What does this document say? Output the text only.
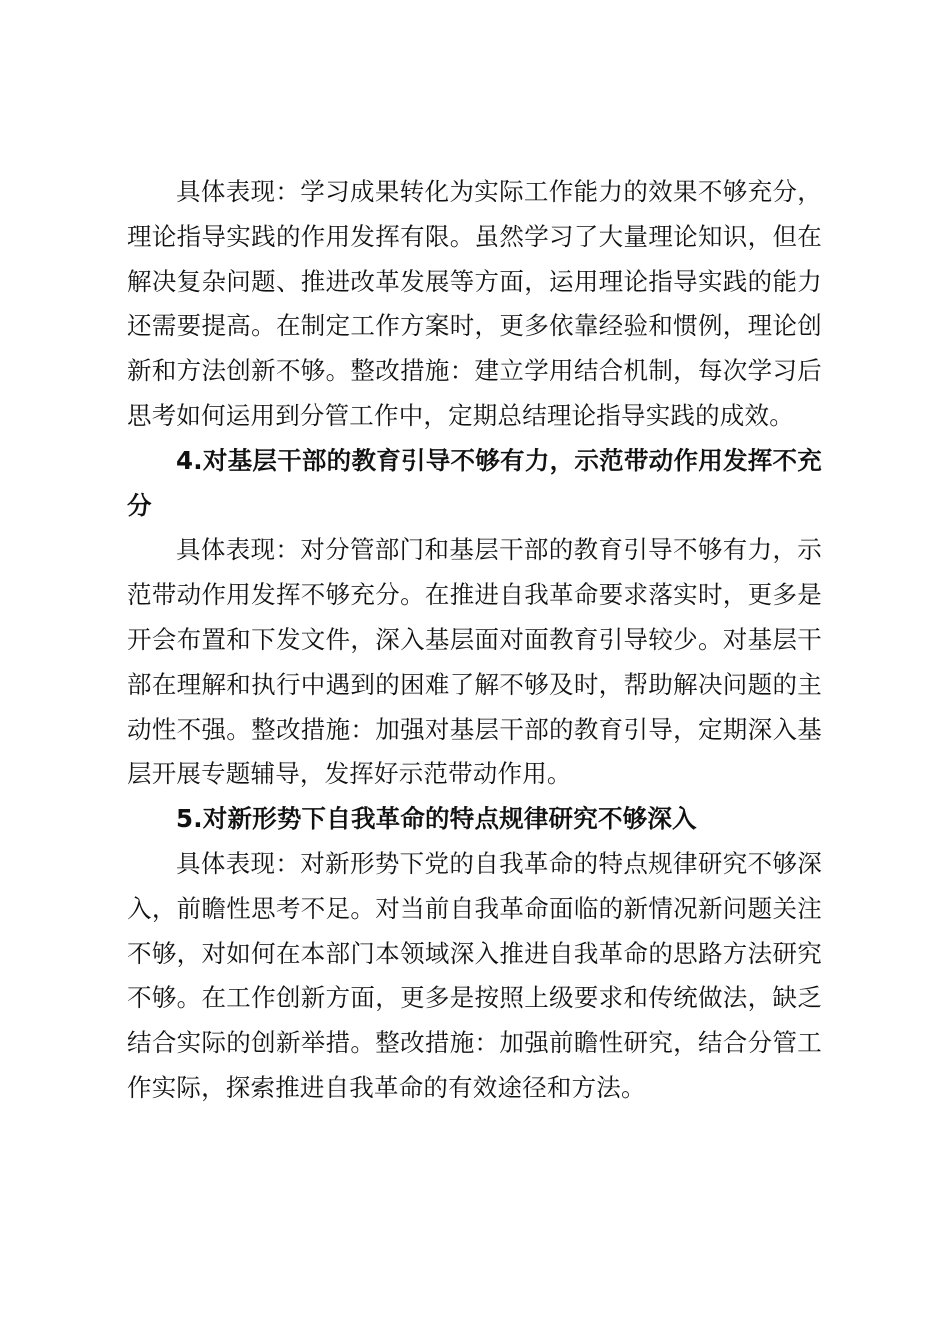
具体表现：学习成果转化为实际工作能力的效果不够充分，理论指导实践的作用发挥有限。虽然学习了大量理论知识，但在解决复杂问题、推进改革发展等方面，运用理论指导实践的能力还需要提高。在制定工作方案时，更多依靠经验和惯例，理论创新和方法创新不够。整改措施：建立学用结合机制，每次学习后思考如何运用到分管工作中，定期总结理论指导实践的成效。

4.对基层干部的教育引导不够有力，示范带动作用发挥不充分

具体表现：对分管部门和基层干部的教育引导不够有力，示范带动作用发挥不够充分。在推进自我革命要求落实时，更多是开会布置和下发文件，深入基层面对面教育引导较少。对基层干部在理解和执行中遇到的困难了解不够及时，帮助解决问题的主动性不强。整改措施：加强对基层干部的教育引导，定期深入基层开展专题辅导，发挥好示范带动作用。

5.对新形势下自我革命的特点规律研究不够深入

具体表现：对新形势下党的自我革命的特点规律研究不够深入，前瞻性思考不足。对当前自我革命面临的新情况新问题关注不够，对如何在本部门本领域深入推进自我革命的思路方法研究不够。在工作创新方面，更多是按照上级要求和传统做法，缺乏结合实际的创新举措。整改措施：加强前瞻性研究，结合分管工作实际，探索推进自我革命的有效途径和方法。
